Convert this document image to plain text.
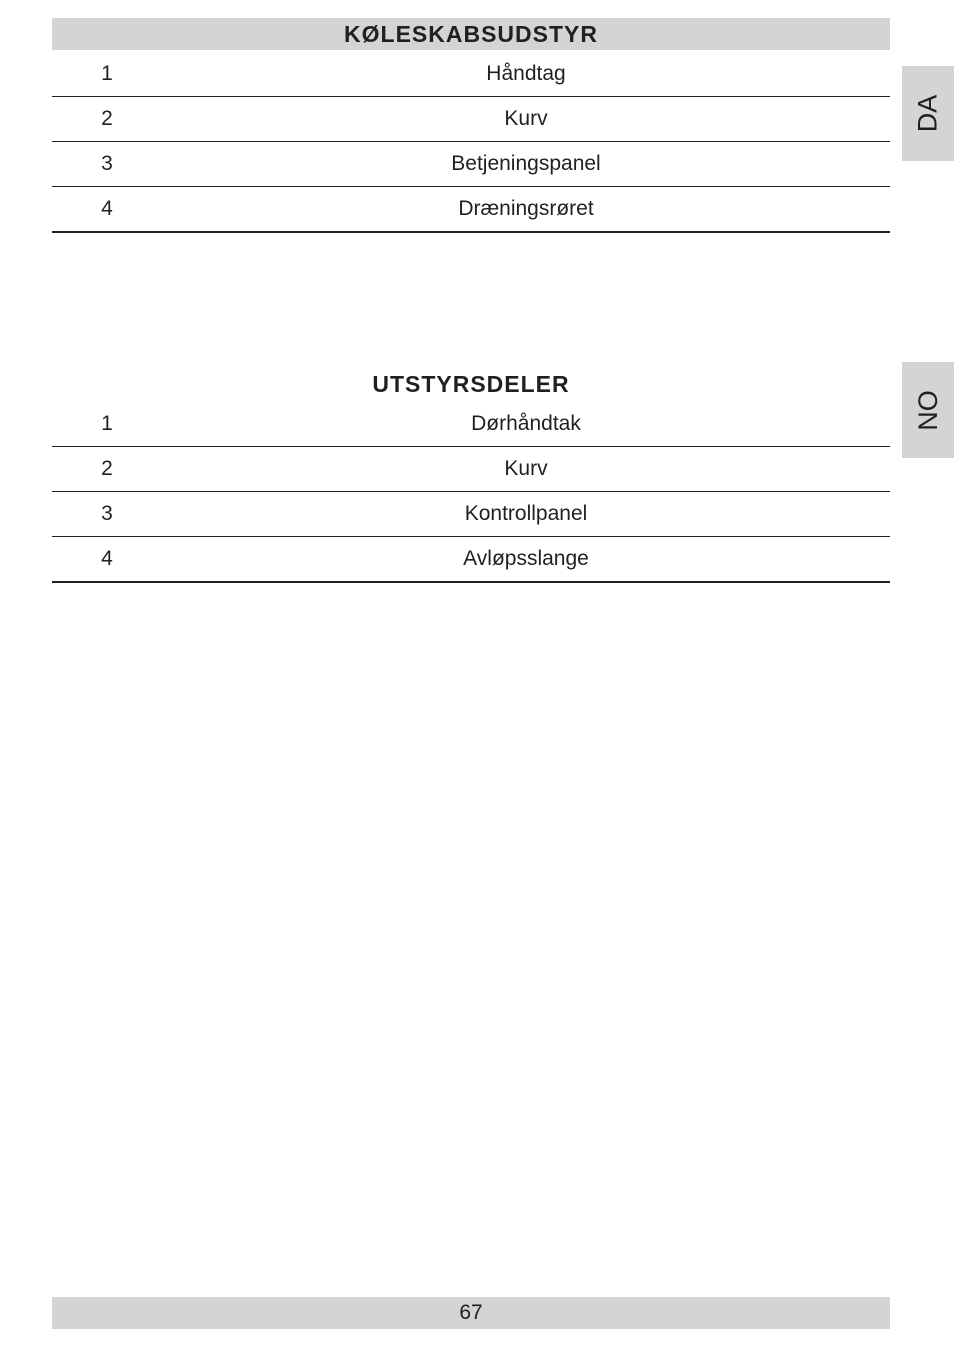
KØLESKABSUDSTYR
1	Håndtag
2	Kurv
3	Betjeningspanel
4	Dræningsrøret
UTSTYRSDELER
1	Dørhåndtak
2	Kurv
3	Kontrollpanel
4	Avløpsslange
DA
NO
67
